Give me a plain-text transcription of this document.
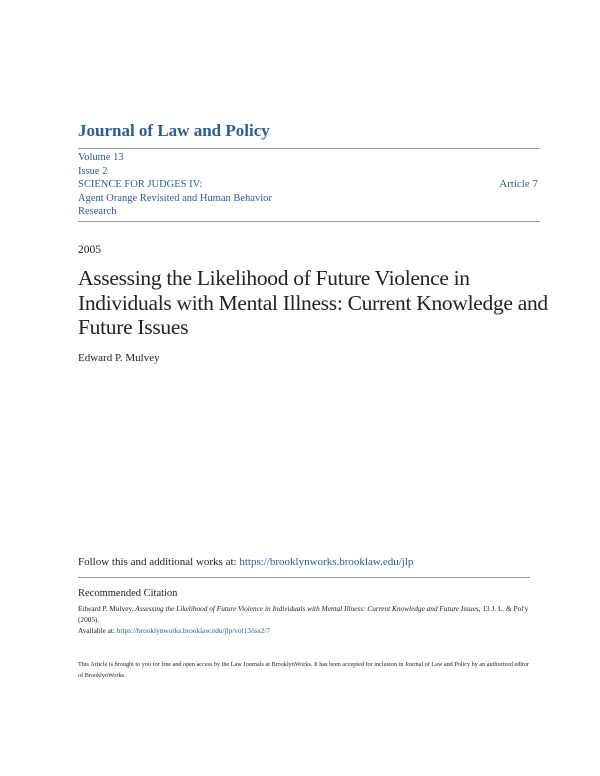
Journal of Law and Policy
Volume 13
Issue 2
SCIENCE FOR JUDGES IV:
Agent Orange Revisited and Human Behavior
Research
Article 7
2005
Assessing the Likelihood of Future Violence in Individuals with Mental Illness: Current Knowledge and Future Issues
Edward P. Mulvey
Follow this and additional works at: https://brooklynworks.brooklaw.edu/jlp
Recommended Citation
Edward P. Mulvey, Assessing the Likelihood of Future Violence in Individuals with Mental Illness: Current Knowledge and Future Issues, 13 J. L. & Pol'y (2005).
Available at: https://brooklynworks.brooklaw.edu/jlp/vol13/iss2/7
This Article is brought to you for free and open access by the Law Journals at BrooklynWorks. It has been accepted for inclusion in Journal of Law and Policy by an authorized editor of BrooklynWorks.
